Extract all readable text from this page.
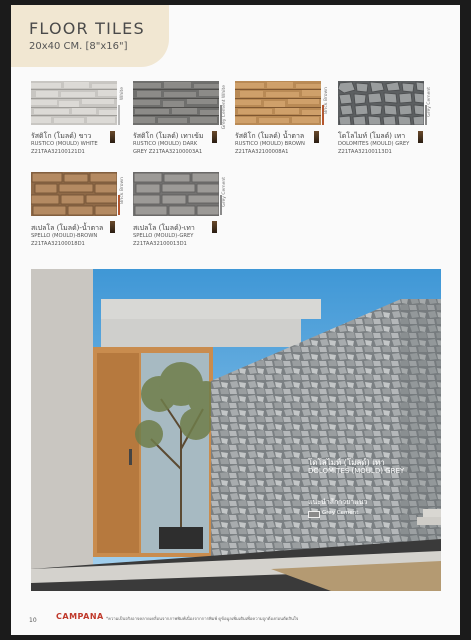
FLOOR TILES
20x40 CM. [8"x16"]
White
รัสติโก (โมลด์) ขาว
RUSTICO (MOULD) WHITE
Z21TAA32100121D1
Grey Cement White
รัสติโก (โมลด์) เทาเข้ม
RUSTICO (MOULD) DARK
GREY Z21TAA32100003A1
Brick Brown
รัสติโก (โมลด์) น้ำตาล
RUSTICO (MOULD) BROWN
Z21TAA32100008A1
Grey Cement
โดโลไมท์ (โมลด์) เทา
DOLOMITES (MOULD) GREY
Z21TAA32100113D1
Brick Brown
สเปลโล (โมลด์)-น้ำตาล
SPELLO (MOULD)-BROWN
Z21TAA32100018D1
Grey Cement
สเปลโล (โมลด์)-เทา
SPELLO (MOULD)-GREY
Z21TAA32100013D1
โดโลไมท์ (โมลด์) เทา
DOLOMITES (MOULD) GREY
แนะนำสีกาวยาแนว
Grey Cement
10 CAMPANA *ความเป็นจริงอาจคลาดเคลื่อนจากภาพพิมพ์เนื่องจากการพิมพ์ ดูข้อมูลเพิ่มเติมเพื่อความถูกต้องก่อนตัดสินใจ
